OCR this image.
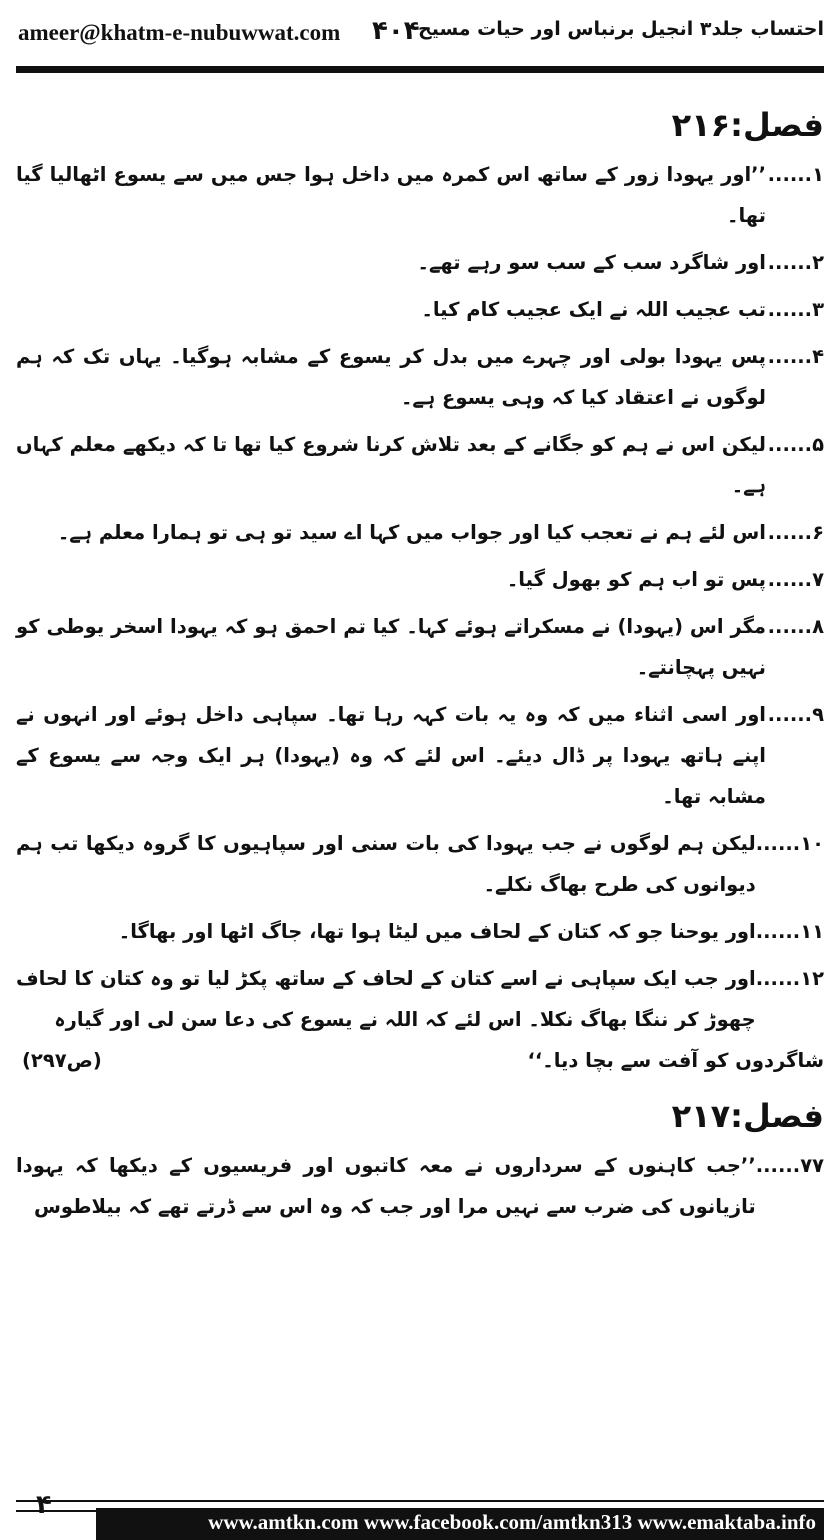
ameer@khatm-e-nubuwwat.com ۴۰۴
احتساب جلد۳ انجیل برنباس اور حیات مسیح
فصل:۲۱۶
۱......
’’اور یہودا زور کے ساتھ اس کمرہ میں داخل ہوا جس میں سے یسوع اٹھالیا گیا تھا۔
۲......
اور شاگرد سب کے سب سو رہے تھے۔
۳......
تب عجیب اللہ نے ایک عجیب کام کیا۔
۴......
پس یہودا بولی اور چہرے میں بدل کر یسوع کے مشابہ ہوگیا۔ یہاں تک کہ ہم لوگوں نے اعتقاد کیا کہ وہی یسوع ہے۔
۵......
لیکن اس نے ہم کو جگانے کے بعد تلاش کرنا شروع کیا تھا تا کہ دیکھے معلم کہاں ہے۔
۶......
اس لئے ہم نے تعجب کیا اور جواب میں کہا اے سید تو ہی تو ہمارا معلم ہے۔
۷......
پس تو اب ہم کو بھول گیا۔
۸......
مگر اس (یہودا) نے مسکراتے ہوئے کہا۔ کیا تم احمق ہو کہ یہودا اسخر یوطی کو نہیں پہچانتے۔
۹......
اور اسی اثناء میں کہ وہ یہ بات کہہ رہا تھا۔ سپاہی داخل ہوئے اور انہوں نے اپنے ہاتھ یہودا پر ڈال دیئے۔ اس لئے کہ وہ (یہودا) ہر ایک وجہ سے یسوع کے مشابہ تھا۔
۱۰......
لیکن ہم لوگوں نے جب یہودا کی بات سنی اور سپاہیوں کا گروہ دیکھا تب ہم دیوانوں کی طرح بھاگ نکلے۔
۱۱......
اور یوحنا جو کہ کتان کے لحاف میں لیٹا ہوا تھا، جاگ اٹھا اور بھاگا۔
۱۲......
اور جب ایک سپاہی نے اسے کتان کے لحاف کے ساتھ پکڑ لیا تو وہ کتان کا لحاف چھوڑ کر ننگا بھاگ نکلا۔ اس لئے کہ اللہ نے یسوع کی دعا سن لی اور گیارہ
شاگردوں کو آفت سے بچا دیا۔‘‘
(ص۲۹۷)
فصل:۲۱۷
۷۷......
’’جب کاہنوں کے سرداروں نے معہ کاتبوں اور فریسیوں کے دیکھا کہ یہودا تازیانوں کی ضرب سے نہیں مرا اور جب کہ وہ اس سے ڈرتے تھے کہ بیلاطوس
www.amtkn.com www.facebook.com/amtkn313 www.emaktaba.info
۴
